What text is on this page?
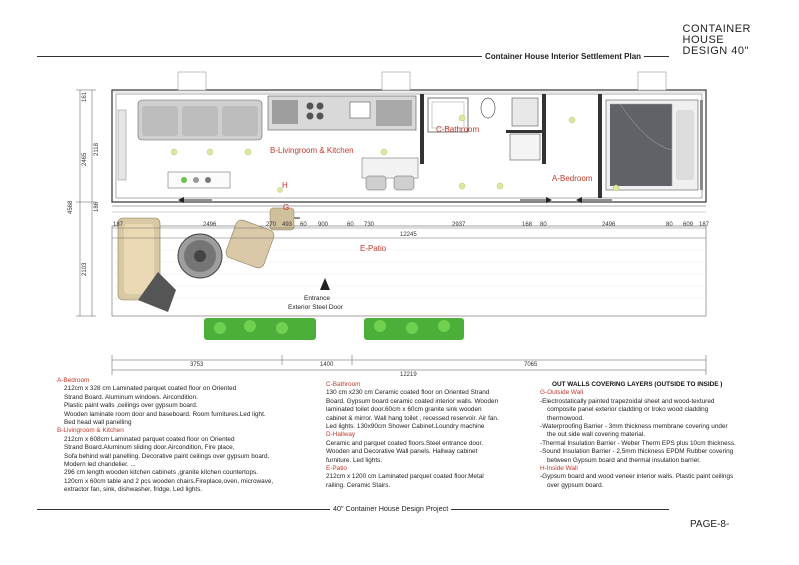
CONTAINER
HOUSE
DESIGN 40"
Container House Interior Settlement Plan
B-Livingroom & Kitchen
C-Bathroom
A-Bedroom
H
G
E-Patio
Entrance
Exterior Steel Door
161
2465
2118
4568	186
2103
187	2496	270 493 60 900	60 730	2937	168 80	2496	80 609 187
12245
3753	1400	7065
12219
A-Bedroom
212cm x 328 cm Laminated parquet coated floor on Oriented
Strand Board. Aluminum windows. Aircondition.
Plastic paint walls ,ceilings over gypsum board.
Wooden laminate room door and baseboard. Room furnitures.Led light.
Bed head wall panelling
B-Livingroom & Kitchen
212cm x 608cm Laminated parquet coated floor on Oriented
Strand Board.Aluminum sliding door.Aircondition, Fire place,
Sofa behind wall panelling. Decorative paint ceilings over gypsum board.
Modern led chandelier. ...
296 cm length wooden kitchen cabinets ,granite kitchen countertops.
120cm x 60cm table and 2 pcs wooden chairs.Fireplace,oven, microwave,
extractor fan, sink, dishwasher, fridge. Led lights.
C-Bathroom
130 cm x230 cm Ceramic coated floor on Oriented Strand
Board. Gypsum board ceramic coated interior walls. Wooden
laminated toilet door.60cm x 60cm granite sink wooden
cabinet & mirror. Wall hang toilet , recessed reservoir. Air fan.
Led lights. 130x90cm Shower Cabinet.Loundry machine
D-Hallway
Ceramic and parquet coated floors.Steel entrance door.
Wooden and Decorative Wall panels. Hallway cabinet
furniture. Led lights.
E-Patio
212cm x 1200 cm Laminated parquet coated floor.Metal
railing. Ceramic Stairs.
OUT WALLS COVERING LAYERS (OUTSIDE TO INSIDE )
G-Outside Wall
-Electrostatically painted trapezoidal sheet and wood-textured
composite panel exterior cladding or Iroko wood cladding
thermowood.
-Waterproofing Barrier - 3mm thickness membrane covering under
the out side wall covering material.
-Thermal Insulation Barrier - Weber Therm EPS plus 10cm thickness.
-Sound Insulation Barrier - 2,5mm thickness EPDM Rubber covering
between Gypsum board and thermal insulation barrier.
H-Inside Wall
-Gypsum board and wood veneer interior walls. Plastic paint ceilings
over gypsum board.
40" Container House Design Project
PAGE-8-
